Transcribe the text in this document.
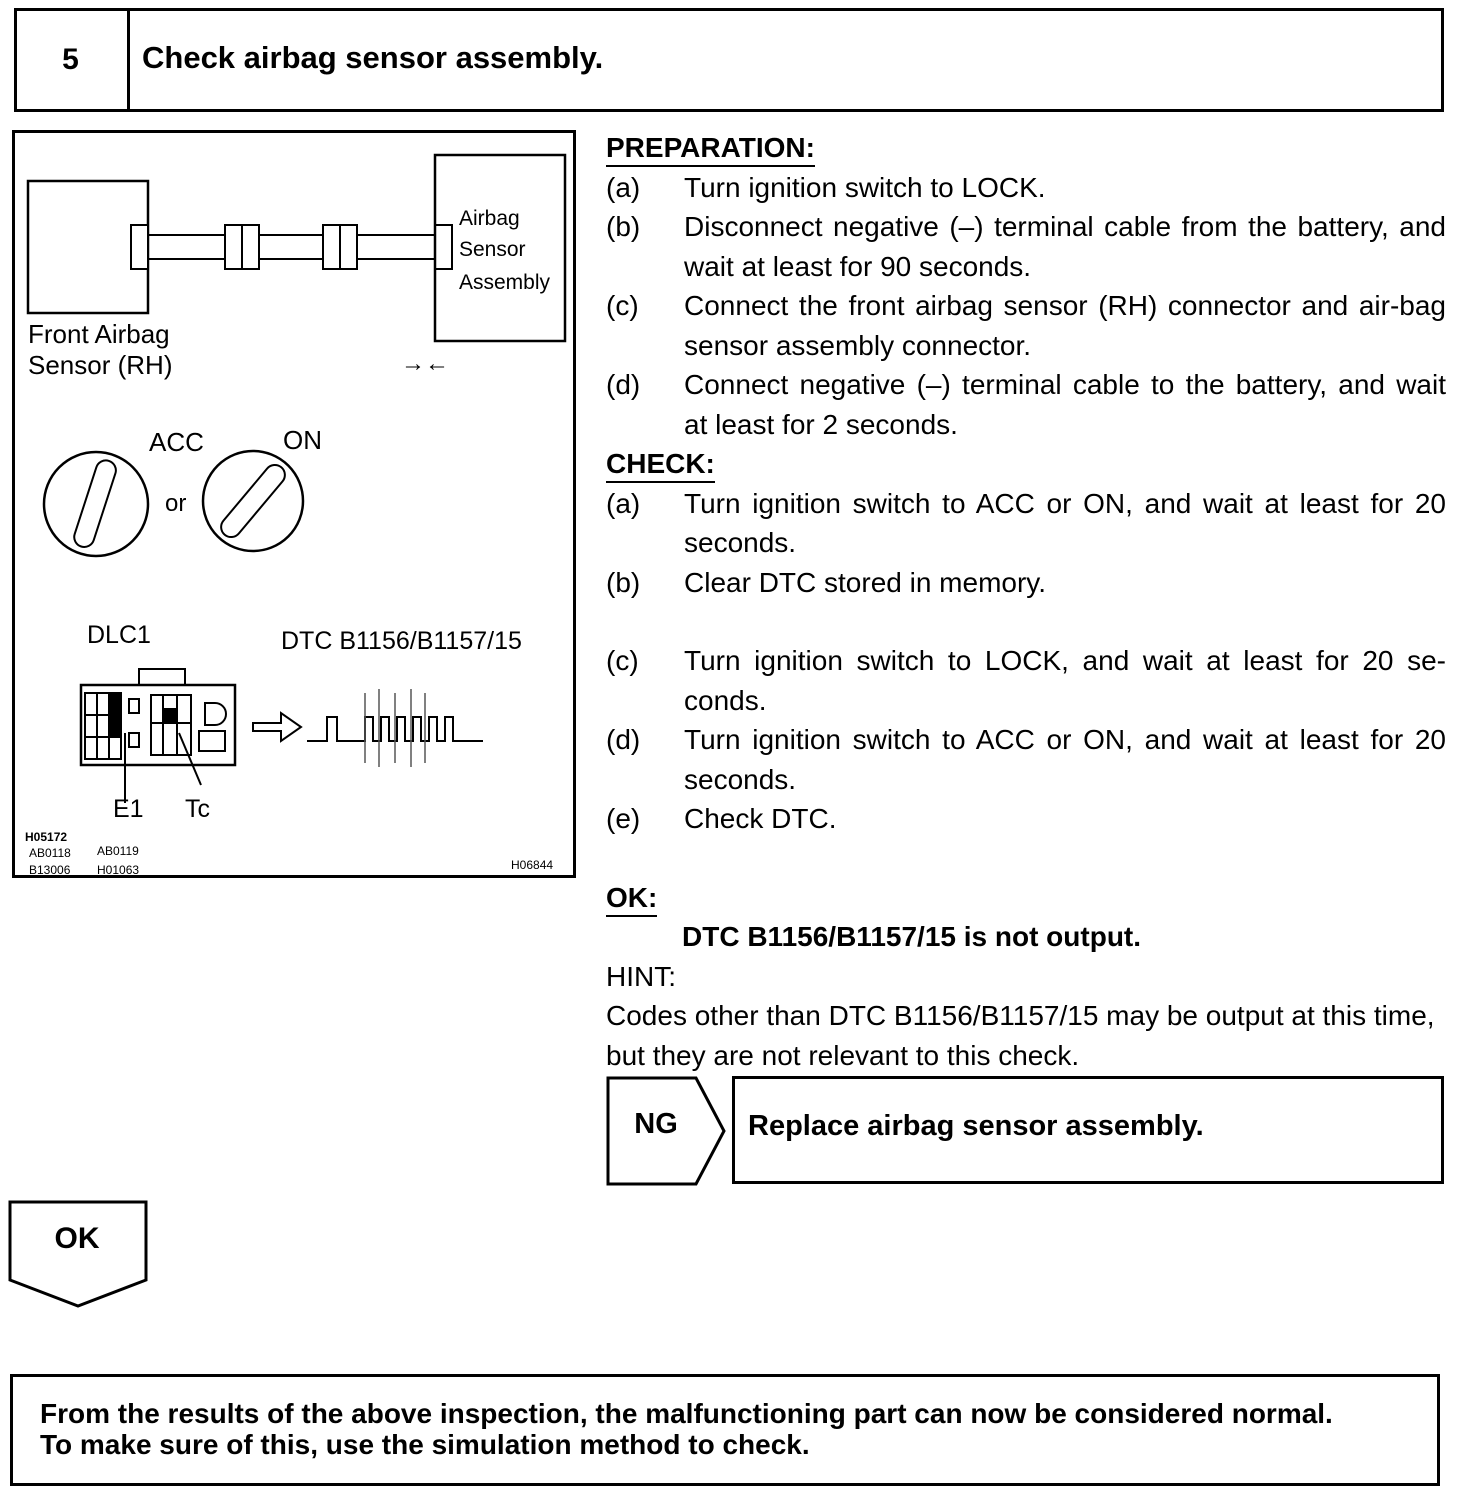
5	Check airbag sensor assembly.
Airbag
Sensor
Assembly
Front Airbag
Sensor (RH)	→←
ACC	ON
or
DLC1	DTC B1156/B1157/15
E1 Tc
H05172
AB0118 AB0119
B13006 H01063	H06844
PREPARATION:
(a)	Turn ignition switch to LOCK.
(b)	Disconnect negative (–) terminal cable from the battery, and wait at least for 90 seconds.
(c)	Connect the front airbag sensor (RH) connector and air-bag sensor assembly connector.
(d)	Connect negative (–) terminal cable to the battery, and wait at least for 2 seconds.
CHECK:
(a)	Turn ignition switch to ACC or ON, and wait at least for 20 seconds.
(b)	Clear DTC stored in memory.
(c)	Turn ignition switch to LOCK, and wait at least for 20 se-conds.
(d)	Turn ignition switch to ACC or ON, and wait at least for 20 seconds.
(e)	Check DTC.
OK:
DTC B1156/B1157/15 is not output.
HINT:
Codes other than DTC B1156/B1157/15 may be output at this time, but they are not relevant to this check.
NG	Replace airbag sensor assembly.
OK
From the results of the above inspection, the malfunctioning part can now be considered normal.
To make sure of this, use the simulation method to check.
